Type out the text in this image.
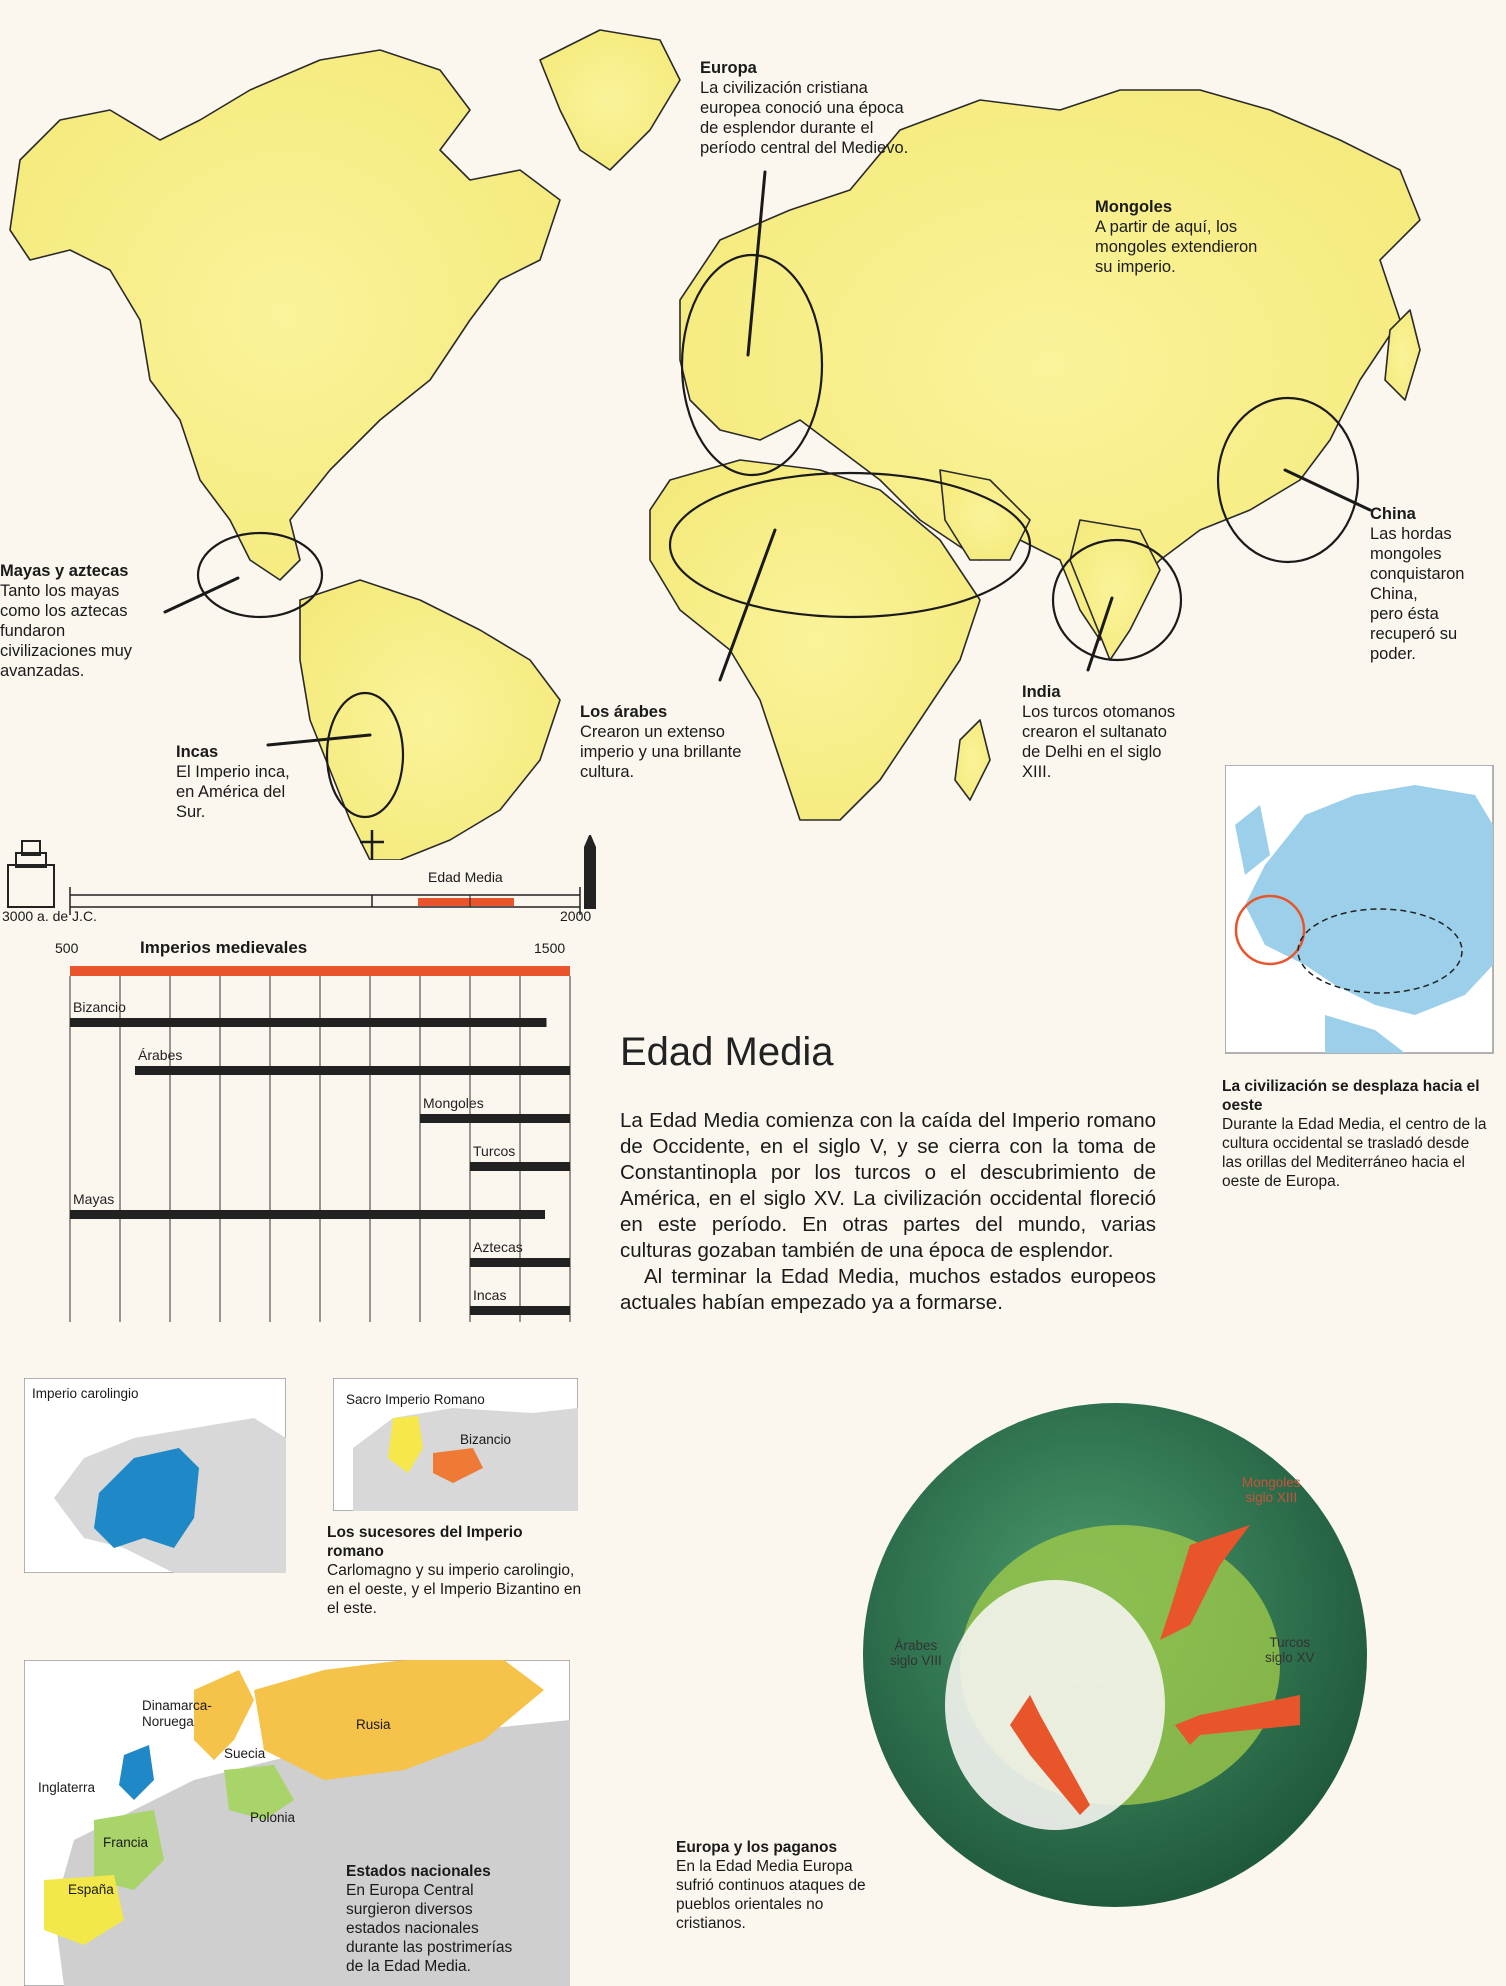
Europa
La civilización cristiana
europea conoció una época
de esplendor durante el
período central del Medievo.
Mongoles
A partir de aquí, los
mongoles extendieron
su imperio.
China
Las hordas
mongoles
conquistaron
China,
pero ésta
recuperó su
poder.
Mayas y aztecas
Tanto los mayas
como los aztecas
fundaron
civilizaciones muy
avanzadas.
Incas
El Imperio inca,
en América del
Sur.
Los árabes
Crearon un extenso
imperio y una brillante
cultura.
India
Los turcos otomanos
crearon el sultanato
de Delhi en el siglo
XIII.
Edad Media
3000 a. de J.C.	2000
500	Imperios medievales	1500
Bizancio
Árabes
Mongoles
Turcos
Mayas
Aztecas
Incas
Edad Media

La Edad Media comienza con la caída del Imperio romano de Occidente, en el siglo V, y se cierra con la toma de Constantinopla por los turcos o el descubrimiento de América, en el siglo XV. La civilización occidental floreció en este período. En otras partes del mundo, varias culturas gozaban también de una época de esplendor.

Al terminar la Edad Media, muchos estados europeos actuales habían empezado ya a formarse.

La civilización se desplaza hacia el oeste
Durante la Edad Media, el centro de la cultura occidental se trasladó desde las orillas del Mediterráneo hacia el oeste de Europa.
Imperio carolingio	Sacro Imperio Romano
Bizancio
Los sucesores del Imperio romano
Carlomagno y su imperio carolingio, en el oeste, y el Imperio Bizantino en el este.
Dinamarca-
Noruega	Rusia
Suecia
Inglaterra
Polonia
Francia
España
Estados nacionales
En Europa Central
surgieron diversos
estados nacionales
durante las postrimerías
de la Edad Media.
Mongoles
siglo XIII
Árabes
siglo VIII
Turcos
siglo XV
Europa y los paganos
En la Edad Media Europa
sufrió continuos ataques de
pueblos orientales no
cristianos.
